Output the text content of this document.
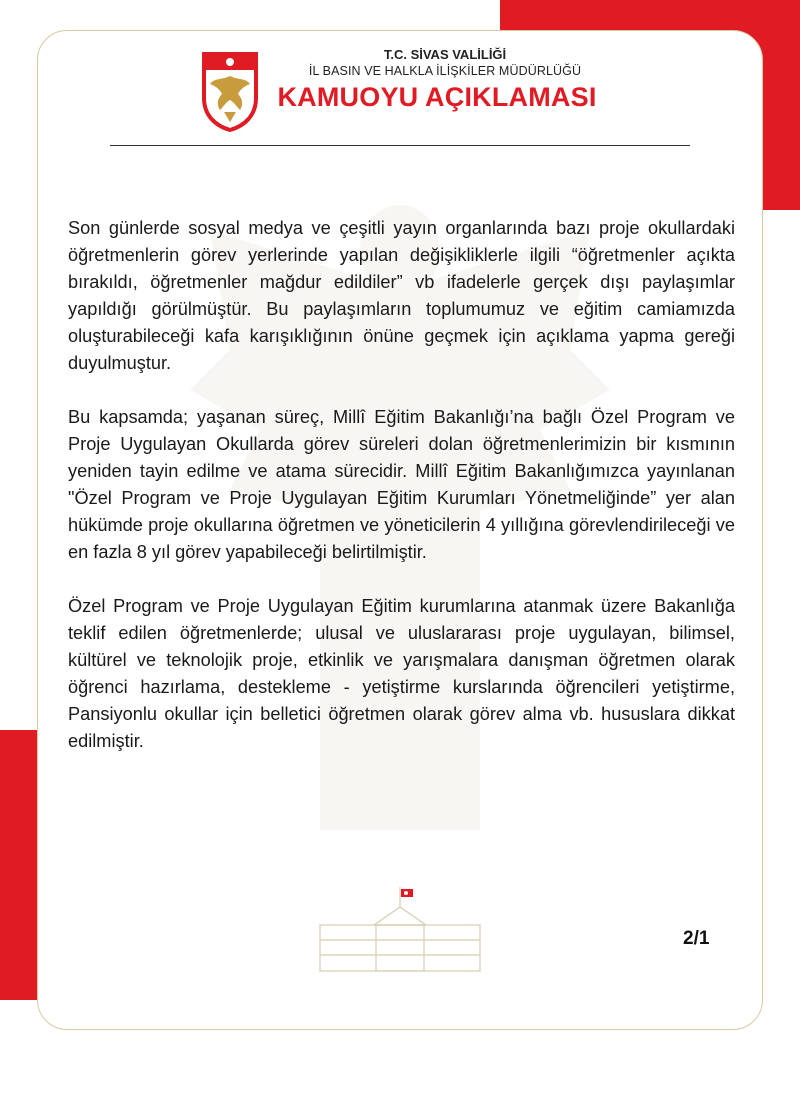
T.C. SİVAS VALİLİĞİ
İL BASIN VE HALKLA İLİŞKİLER MÜDÜRLÜĞÜ
KAMUOYU AÇIKLAMASI

Son günlerde sosyal medya ve çeşitli yayın organlarında bazı proje okullardaki öğretmenlerin görev yerlerinde yapılan değişikliklerle ilgili “öğretmenler açıkta bırakıldı, öğretmenler mağdur edildiler” vb ifadelerle gerçek dışı paylaşımlar yapıldığı görülmüştür. Bu paylaşımların toplumumuz ve eğitim camiamızda oluşturabileceği kafa karışıklığının önüne geçmek için açıklama yapma gereği duyulmuştur.

Bu kapsamda; yaşanan süreç, Millî Eğitim Bakanlığı’na bağlı Özel Program ve Proje Uygulayan Okullarda görev süreleri dolan öğretmenlerimizin bir kısmının yeniden tayin edilme ve atama sürecidir. Millî Eğitim Bakanlığımızca yayınlanan "Özel Program ve Proje Uygulayan Eğitim Kurumları Yönetmeliğinde” yer alan hükümde proje okullarına öğretmen ve yöneticilerin 4 yıllığına görevlendirileceği ve en fazla 8 yıl görev yapabileceği belirtilmiştir.

Özel Program ve Proje Uygulayan Eğitim kurumlarına atanmak üzere Bakanlığa teklif edilen öğretmenlerde; ulusal ve uluslararası proje uygulayan, bilimsel, kültürel ve teknolojik proje, etkinlik ve yarışmalara danışman öğretmen olarak öğrenci hazırlama, destekleme - yetiştirme kurslarında öğrencileri yetiştirme, Pansiyonlu okullar için belletici öğretmen olarak görev alma vb. hususlara dikkat edilmiştir.

2/1
